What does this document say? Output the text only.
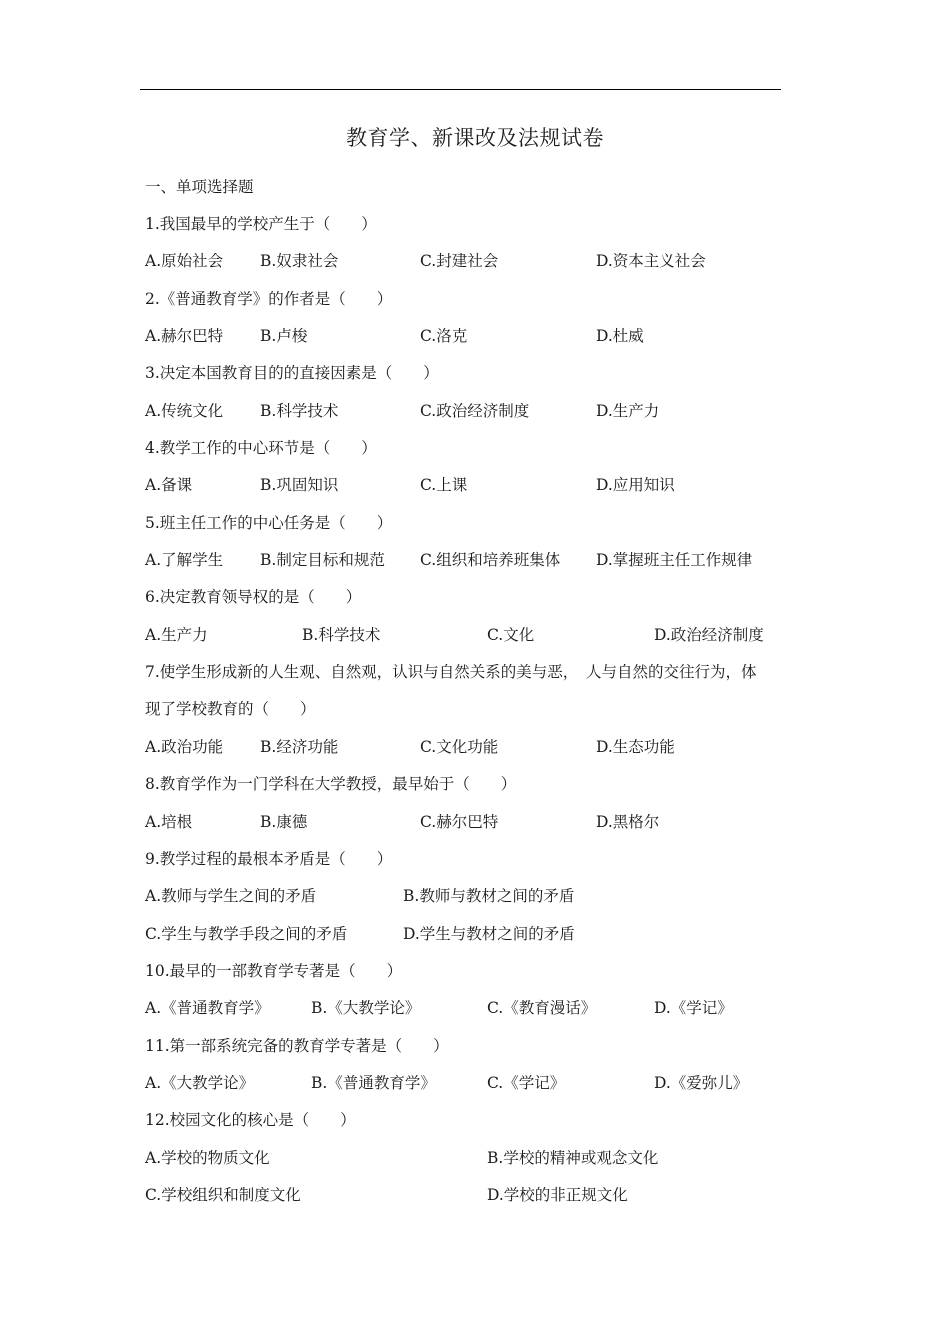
教育学、新课改及法规试卷
一、单项选择题
1.我国最早的学校产生于（　　）
A.原始社会 B.奴隶社会	C.封建社会	D.资本主义社会
2.《普通教育学》的作者是（　　）
A.赫尔巴特 B.卢梭	C.洛克	D.杜威
3.决定本国教育目的的直接因素是（　　）
A.传统文化 B.科学技术	C.政治经济制度	D.生产力
4.教学工作的中心环节是（　　）
A.备课	B.巩固知识	C.上课	D.应用知识
5.班主任工作的中心任务是（　　）
A.了解学生 B.制定目标和规范 C.组织和培养班集体 D.掌握班主任工作规律
6.决定教育领导权的是（　　）
A.生产力	B.科学技术	C.文化	D.政治经济制度
7.使学生形成新的人生观、自然观，认识与自然关系的美与恶，　人与自然的交往行为，体
现了学校教育的（　　）
A.政治功能 B.经济功能	C.文化功能	D.生态功能
8.教育学作为一门学科在大学教授，最早始于（　　）
A.培根	B.康德	C.赫尔巴特	D.黑格尔
9.教学过程的最根本矛盾是（　　）
A.教师与学生之间的矛盾	B.教师与教材之间的矛盾
C.学生与教学手段之间的矛盾	D.学生与教材之间的矛盾
10.最早的一部教育学专著是（　　）
A.《普通教育学》	B.《大教学论》	C.《教育漫话》	D.《学记》
11.第一部系统完备的教育学专著是（　　）
A.《大教学论》	B.《普通教育学》	C.《学记》	D.《爱弥儿》
12.校园文化的核心是（　　）
A.学校的物质文化	B.学校的精神或观念文化
C.学校组织和制度文化	D.学校的非正规文化
